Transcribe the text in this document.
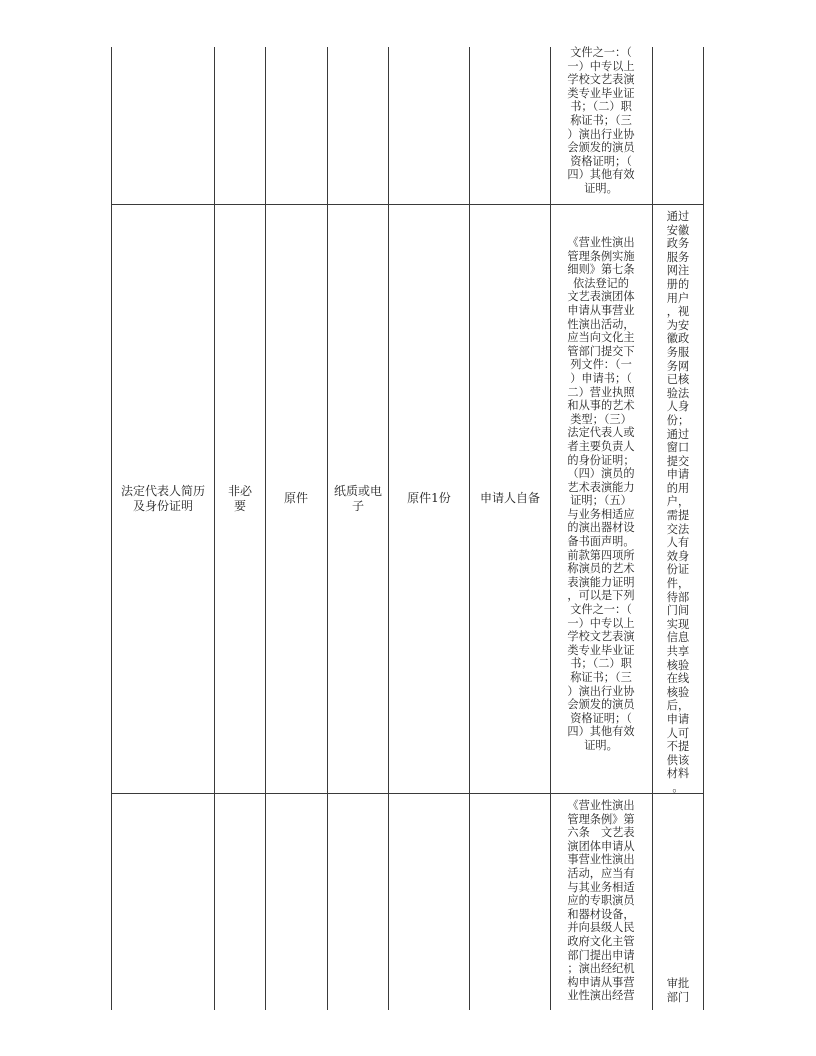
文件之一：（
一）中专以上
学校文艺表演
类专业毕业证
书；（二）职
称证书；（三
）演出行业协
会颁发的演员
资格证明；（
四）其他有效
证明。
法定代表人简历及身份证明
非必要
原件	纸质或电子
原件1份	申请人自备
《营业性演出
管理条例实施
细则》第七条
依法登记的
文艺表演团体
申请从事营业
性演出活动，
应当向文化主
管部门提交下
列文件：（一
）申请书；（
二）营业执照
和从事的艺术
类型；（三）
法定代表人或
者主要负责人
的身份证明；
（四）演员的
艺术表演能力
证明；（五）
与业务相适应
的演出器材设
备书面声明。
前款第四项所
称演员的艺术
表演能力证明
，可以是下列
文件之一：（
一）中专以上
学校文艺表演
类专业毕业证
书；（二）职
称证书；（三
）演出行业协
会颁发的演员
资格证明；（
四）其他有效
证明。
通过
安徽
政务
服务
网注
册的
用户
，视
为安
徽政
务服
务网
已核
验法
人身
份；
通过
窗口
提交
申请
的用
户，
需提
交法
人有
效身
份证
件，
待部
门间
实现
信息
共享
核验
在线
核验
后，
申请
人可
不提
供该
材料
。
《营业性演出
管理条例》第
六条　文艺表
演团体申请从
事营业性演出
活动，应当有
与其业务相适
应的专职演员
和器材设备，
并向县级人民
政府文化主管
部门提出申请
；演出经纪机
构申请从事营
业性演出经营
审批
部门
